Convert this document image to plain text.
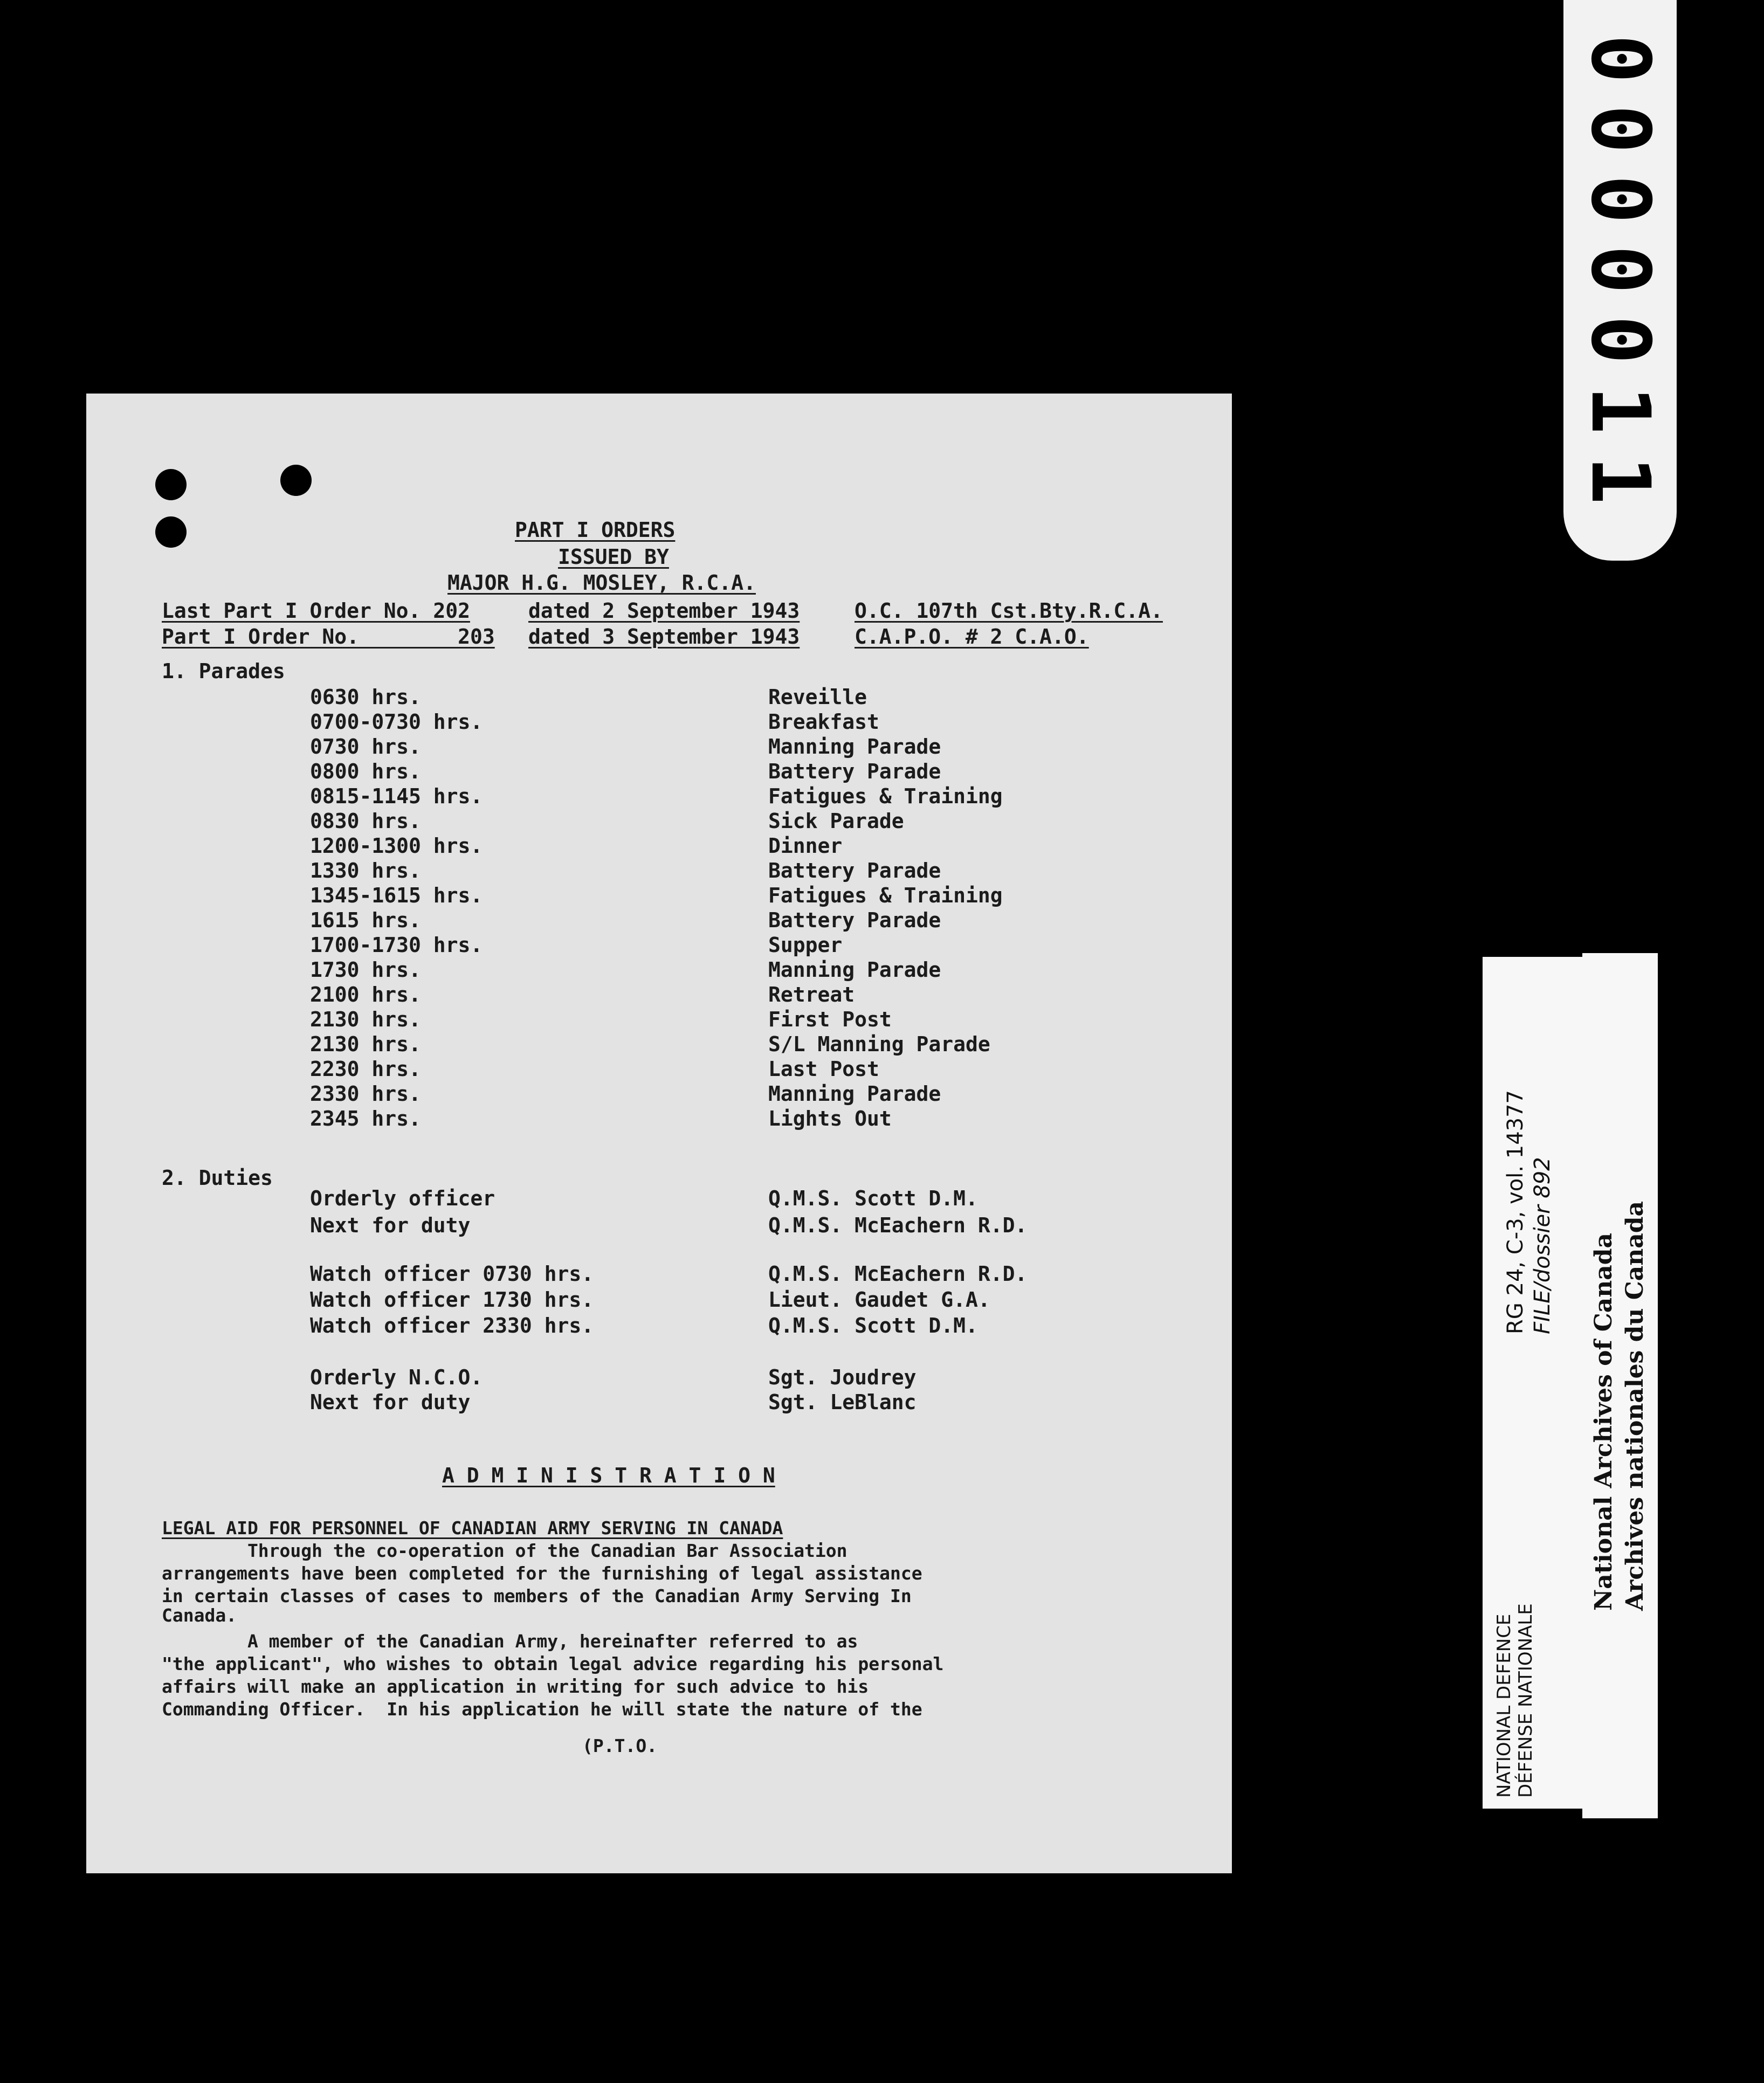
0000011
PART I ORDERS
ISSUED BY
MAJOR H.G. MOSLEY, R.C.A.
Last Part I Order No. 202	dated 2 September 1943	O.C. 107th Cst.Bty.R.C.A.
Part I Order No.        203 dated 3 September 1943	C.A.P.O. # 2 C.A.O.
1. Parades
0630 hrs.	Reveille
0700-0730 hrs.	Breakfast
0730 hrs.	Manning Parade
0800 hrs.	Battery Parade
0815-1145 hrs.	Fatigues & Training
0830 hrs.	Sick Parade
1200-1300 hrs.	Dinner
1330 hrs.	Battery Parade
1345-1615 hrs.	Fatigues & Training
1615 hrs.	Battery Parade
1700-1730 hrs.	Supper
1730 hrs.	Manning Parade
2100 hrs.	Retreat
2130 hrs.	First Post
2130 hrs.	S/L Manning Parade
2230 hrs.	Last Post
2330 hrs.	Manning Parade
2345 hrs.	Lights Out
2. Duties
Orderly officer	Q.M.S. Scott D.M.
Next for duty	Q.M.S. McEachern R.D.
Watch officer 0730 hrs.	Q.M.S. McEachern R.D.
Watch officer 1730 hrs.	Lieut. Gaudet G.A.
Watch officer 2330 hrs.	Q.M.S. Scott D.M.
Orderly N.C.O.	Sgt. Joudrey
Next for duty	Sgt. LeBlanc
A D M I N I S T R A T I O N
LEGAL AID FOR PERSONNEL OF CANADIAN ARMY SERVING IN CANADA
Through the co-operation of the Canadian Bar Association
arrangements have been completed for the furnishing of legal assistance
in certain classes of cases to members of the Canadian Army Serving In
Canada.
A member of the Canadian Army, hereinafter referred to as
"the applicant", who wishes to obtain legal advice regarding his personal
affairs will make an application in writing for such advice to his
Commanding Officer.  In his application he will state the nature of the
(P.T.O.
RG 24, C-3, vol. 14377 FILE/dossier 892
NATIONAL DEFENCE DÉFENSE NATIONALE
National Archives of Canada Archives nationales du Canada
